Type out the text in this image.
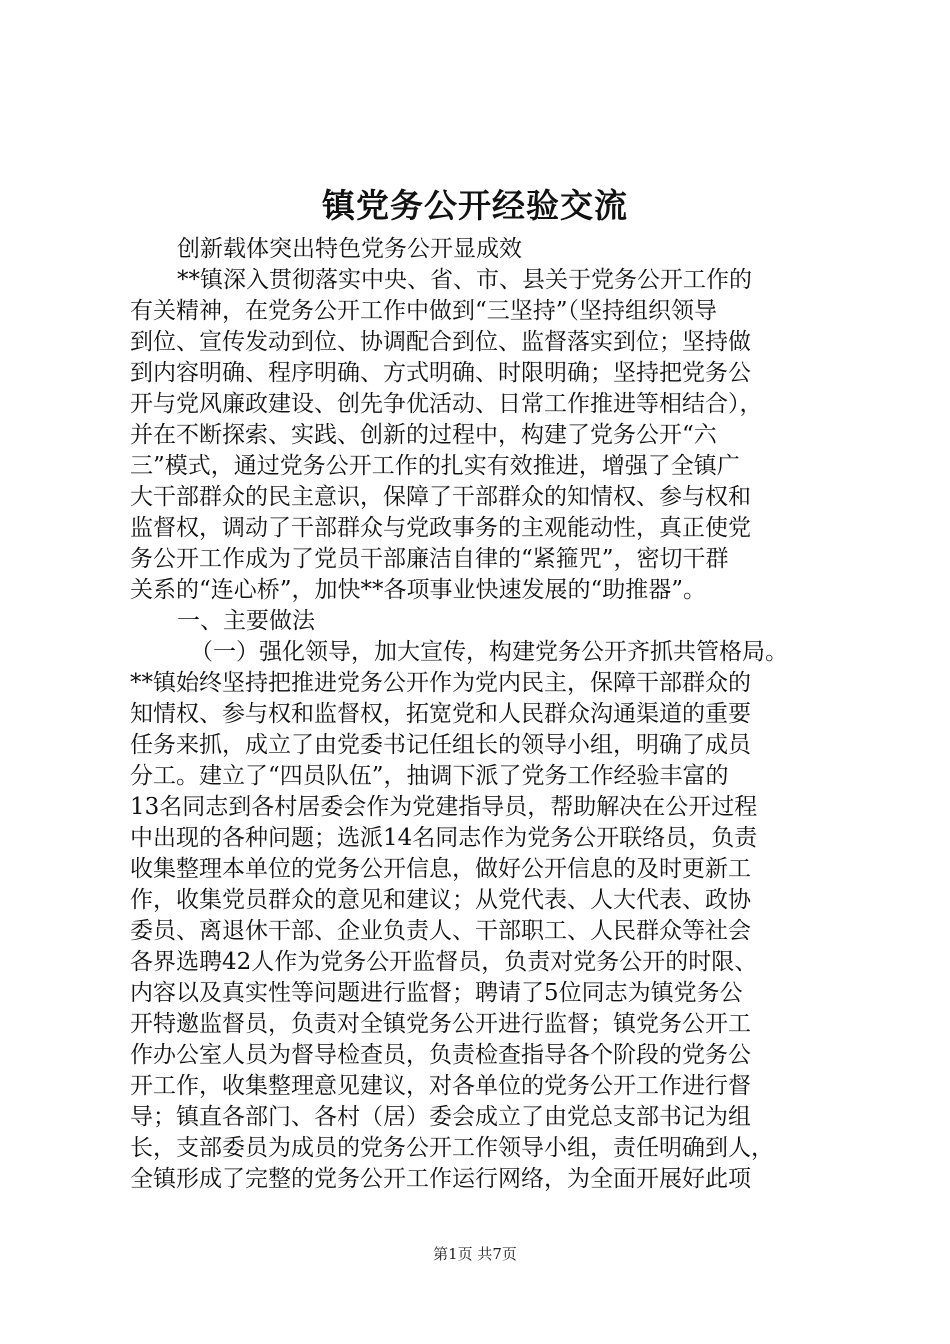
镇党务公开经验交流
创新载体突出特色党务公开显成效
**镇深入贯彻落实中央、省、市、县关于党务公开工作的
有关精神，在党务公开工作中做到“三坚持”（坚持组织领导
到位、宣传发动到位、协调配合到位、监督落实到位；坚持做
到内容明确、程序明确、方式明确、时限明确；坚持把党务公
开与党风廉政建设、创先争优活动、日常工作推进等相结合），
并在不断探索、实践、创新的过程中，构建了党务公开“六
三”模式，通过党务公开工作的扎实有效推进，增强了全镇广
大干部群众的民主意识，保障了干部群众的知情权、参与权和
监督权，调动了干部群众与党政事务的主观能动性，真正使党
务公开工作成为了党员干部廉洁自律的“紧箍咒”，密切干群
关系的“连心桥”，加快**各项事业快速发展的“助推器”。
一、主要做法
（一）强化领导，加大宣传，构建党务公开齐抓共管格局。
**镇始终坚持把推进党务公开作为党内民主，保障干部群众的
知情权、参与权和监督权，拓宽党和人民群众沟通渠道的重要
任务来抓，成立了由党委书记任组长的领导小组，明确了成员
分工。建立了“四员队伍”，抽调下派了党务工作经验丰富的
13名同志到各村居委会作为党建指导员，帮助解决在公开过程
中出现的各种问题；选派14名同志作为党务公开联络员，负责
收集整理本单位的党务公开信息，做好公开信息的及时更新工
作，收集党员群众的意见和建议；从党代表、人大代表、政协
委员、离退休干部、企业负责人、干部职工、人民群众等社会
各界选聘42人作为党务公开监督员，负责对党务公开的时限、
内容以及真实性等问题进行监督；聘请了5位同志为镇党务公
开特邀监督员，负责对全镇党务公开进行监督；镇党务公开工
作办公室人员为督导检查员，负责检查指导各个阶段的党务公
开工作，收集整理意见建议，对各单位的党务公开工作进行督
导；镇直各部门、各村（居）委会成立了由党总支部书记为组
长，支部委员为成员的党务公开工作领导小组，责任明确到人，
全镇形成了完整的党务公开工作运行网络，为全面开展好此项
第1页 共7页
